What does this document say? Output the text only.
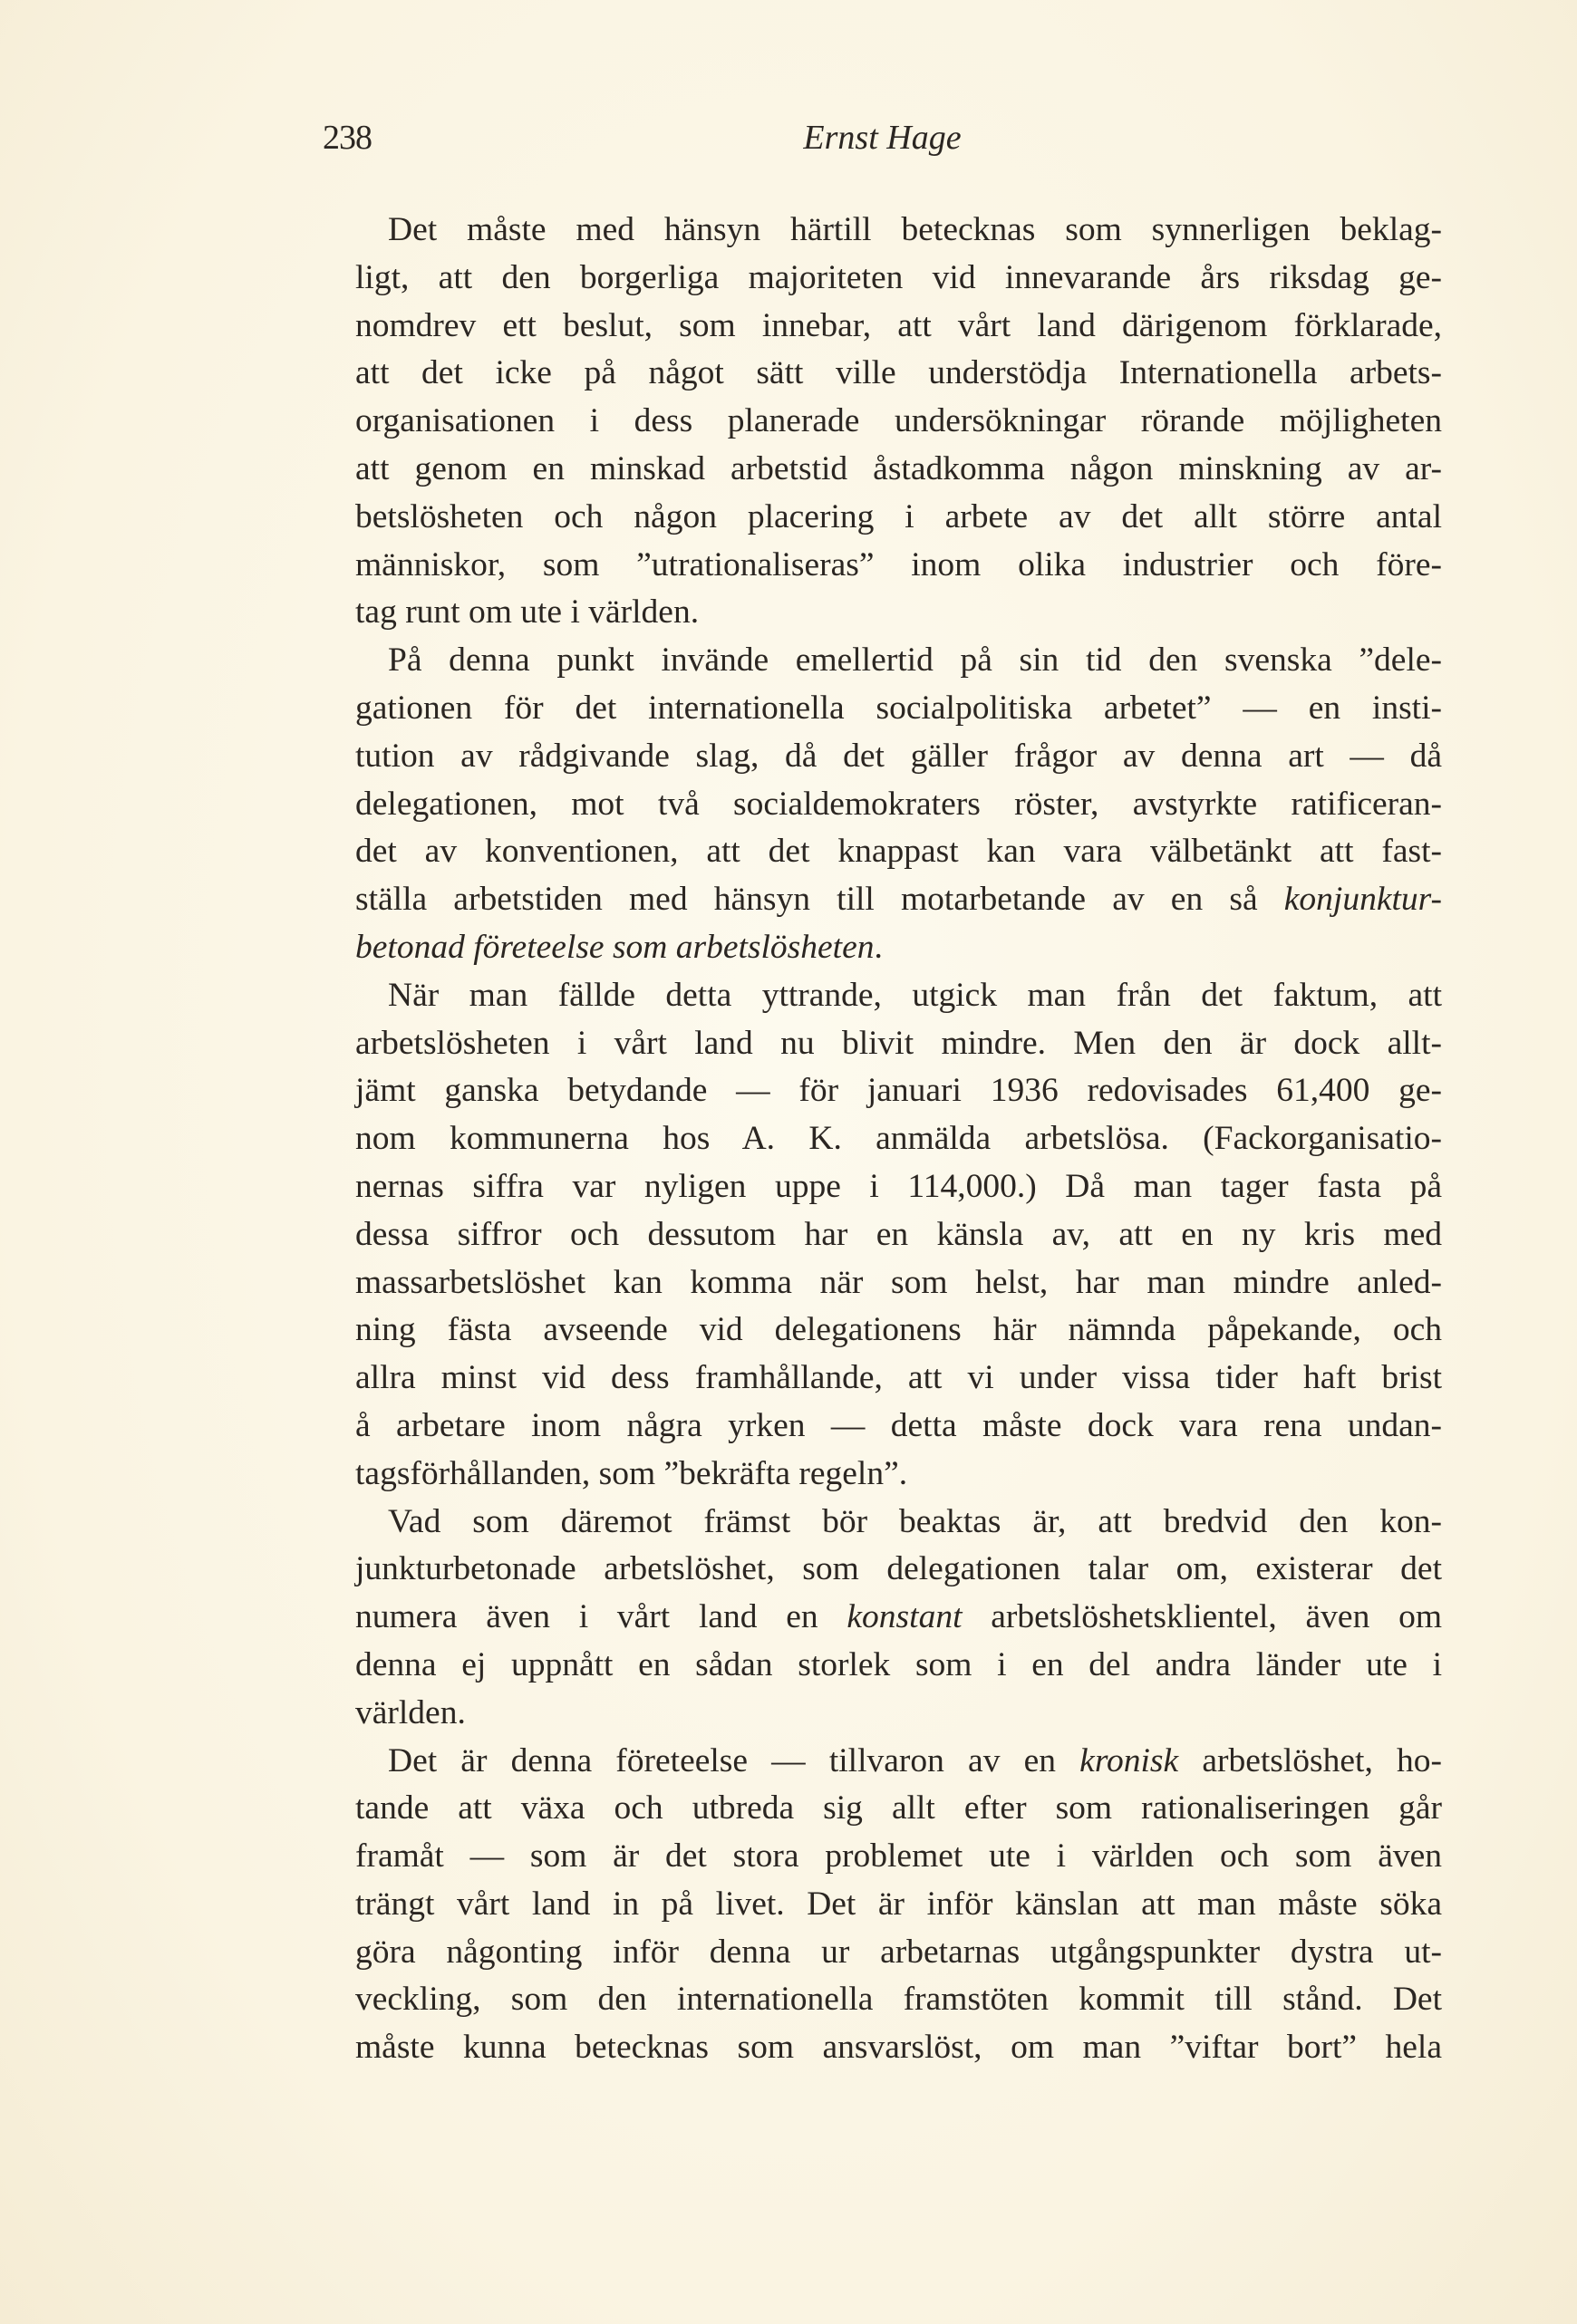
238	Ernst Hage
Det måste med hänsyn härtill betecknas som synnerligen beklag-
ligt, att den borgerliga majoriteten vid innevarande års riksdag ge-
nomdrev ett beslut, som innebar, att vårt land därigenom förklarade,
att det icke på något sätt ville understödja Internationella arbets-
organisationen i dess planerade undersökningar rörande möjligheten
att genom en minskad arbetstid åstadkomma någon minskning av ar-
betslösheten och någon placering i arbete av det allt större antal
människor, som ”utrationaliseras” inom olika industrier och före-
tag runt om ute i världen.
På denna punkt invände emellertid på sin tid den svenska ”dele-
gationen för det internationella socialpolitiska arbetet” — en insti-
tution av rådgivande slag, då det gäller frågor av denna art — då
delegationen, mot två socialdemokraters röster, avstyrkte ratificeran-
det av konventionen, att det knappast kan vara välbetänkt att fast-
ställa arbetstiden med hänsyn till motarbetande av en så konjunktur-
betonad företeelse som arbetslösheten.
När man fällde detta yttrande, utgick man från det faktum, att
arbetslösheten i vårt land nu blivit mindre. Men den är dock allt-
jämt ganska betydande — för januari 1936 redovisades 61,400 ge-
nom kommunerna hos A. K. anmälda arbetslösa. (Fackorganisatio-
nernas siffra var nyligen uppe i 114,000.) Då man tager fasta på
dessa siffror och dessutom har en känsla av, att en ny kris med
massarbetslöshet kan komma när som helst, har man mindre anled-
ning fästa avseende vid delegationens här nämnda påpekande, och
allra minst vid dess framhållande, att vi under vissa tider haft brist
å arbetare inom några yrken — detta måste dock vara rena undan-
tagsförhållanden, som ”bekräfta regeln”.
Vad som däremot främst bör beaktas är, att bredvid den kon-
junkturbetonade arbetslöshet, som delegationen talar om, existerar det
numera även i vårt land en konstant arbetslöshetsklientel, även om
denna ej uppnått en sådan storlek som i en del andra länder ute i
världen.
Det är denna företeelse — tillvaron av en kronisk arbetslöshet, ho-
tande att växa och utbreda sig allt efter som rationaliseringen går
framåt — som är det stora problemet ute i världen och som även
trängt vårt land in på livet. Det är inför känslan att man måste söka
göra någonting inför denna ur arbetarnas utgångspunkter dystra ut-
veckling, som den internationella framstöten kommit till stånd. Det
måste kunna betecknas som ansvarslöst, om man ”viftar bort” hela
